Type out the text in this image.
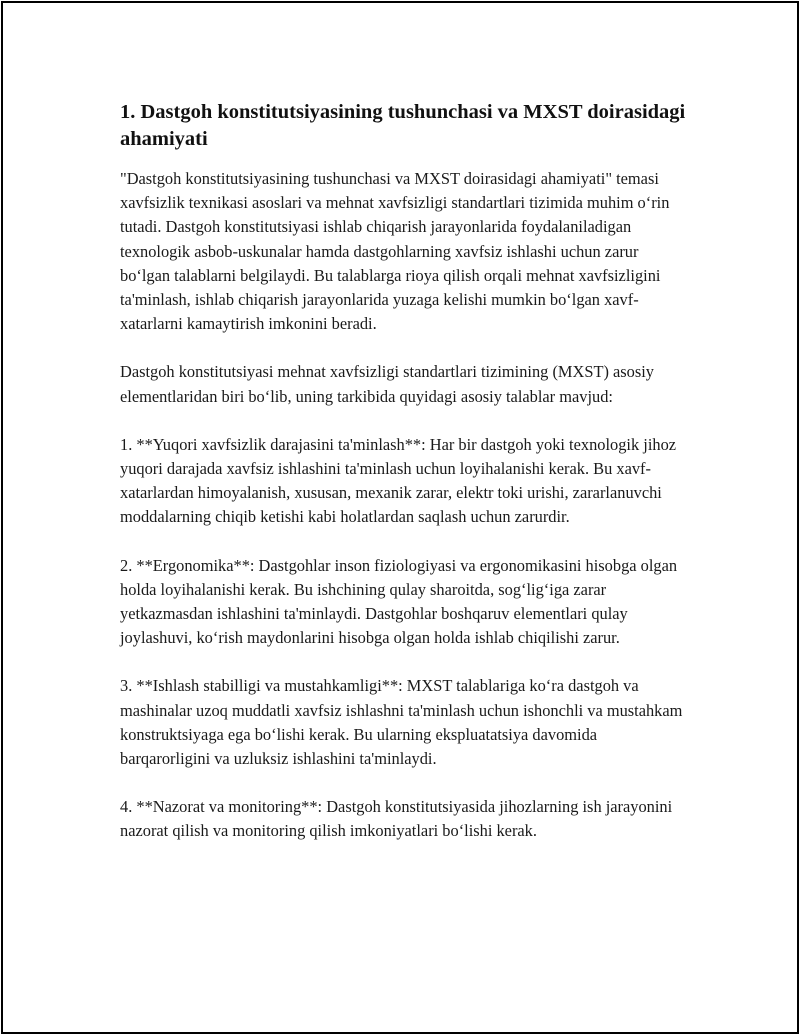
1. Dastgoh konstitutsiyasining tushunchasi va MXST doirasidagi ahamiyati

"Dastgoh konstitutsiyasining tushunchasi va MXST doirasidagi ahamiyati" temasi xavfsizlik texnikasi asoslari va mehnat xavfsizligi standartlari tizimida muhim oʻrin tutadi. Dastgoh konstitutsiyasi ishlab chiqarish jarayonlarida foydalaniladigan texnologik asbob-uskunalar hamda dastgohlarning xavfsiz ishlashi uchun zarur boʻlgan talablarni belgilaydi. Bu talablarga rioya qilish orqali mehnat xavfsizligini ta'minlash, ishlab chiqarish jarayonlarida yuzaga kelishi mumkin boʻlgan xavf-xatarlarni kamaytirish imkonini beradi.

Dastgoh konstitutsiyasi mehnat xavfsizligi standartlari tizimining (MXST) asosiy elementlaridan biri boʻlib, uning tarkibida quyidagi asosiy talablar mavjud:

1. **Yuqori xavfsizlik darajasini ta'minlash**: Har bir dastgoh yoki texnologik jihoz yuqori darajada xavfsiz ishlashini ta'minlash uchun loyihalanishi kerak. Bu xavf-xatarlardan himoyalanish, xususan, mexanik zarar, elektr toki urishi, zararlanuvchi moddalarning chiqib ketishi kabi holatlardan saqlash uchun zarurdir.

2. **Ergonomika**: Dastgohlar inson fiziologiyasi va ergonomikasini hisobga olgan holda loyihalanishi kerak. Bu ishchining qulay sharoitda, sogʻligʻiga zarar yetkazmasdan ishlashini ta'minlaydi. Dastgohlar boshqaruv elementlari qulay joylashuvi, koʻrish maydonlarini hisobga olgan holda ishlab chiqilishi zarur.

3. **Ishlash stabilligi va mustahkamligi**: MXST talablariga koʻra dastgoh va mashinalar uzoq muddatli xavfsiz ishlashni ta'minlash uchun ishonchli va mustahkam konstruktsiyaga ega boʻlishi kerak. Bu ularning ekspluatatsiya davomida barqarorligini va uzluksiz ishlashini ta'minlaydi.

4. **Nazorat va monitoring**: Dastgoh konstitutsiyasida jihozlarning ish jarayonini nazorat qilish va monitoring qilish imkoniyatlari boʻlishi kerak.
